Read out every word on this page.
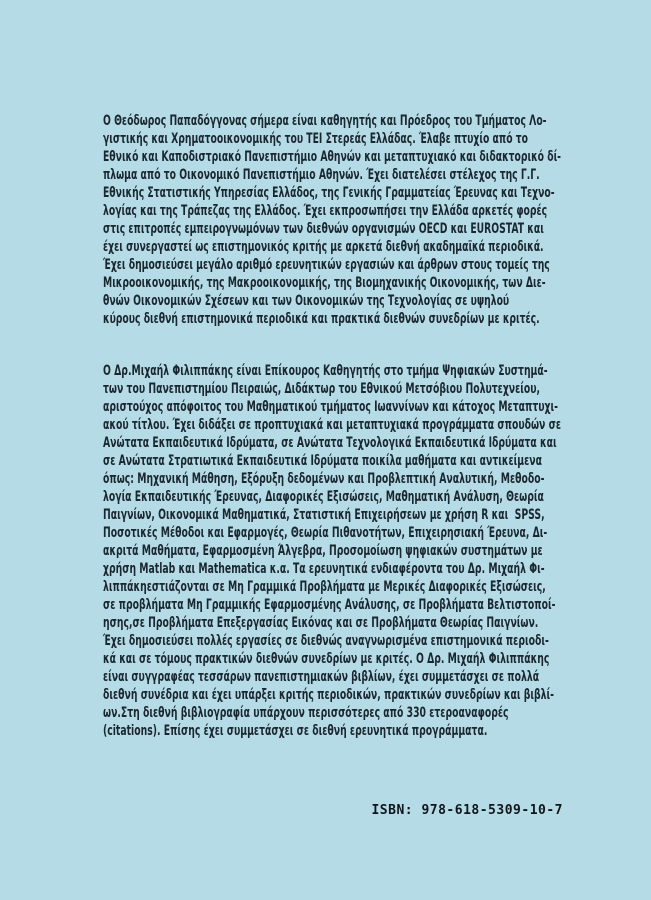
Ο Θεόδωρος Παπαδόγγονας σήμερα είναι καθηγητής και Πρόεδρος του Τμήματος Λο-
γιστικής και Χρηματοοικονομικής του ΤΕΙ Στερεάς Ελλάδας. Έλαβε πτυχίο από το
Εθνικό και Καποδιστριακό Πανεπιστήμιο Αθηνών και μεταπτυχιακό και διδακτορικό δί-
πλωμα από το Οικονομικό Πανεπιστήμιο Αθηνών. Έχει διατελέσει στέλεχος της Γ.Γ.
Εθνικής Στατιστικής Υπηρεσίας Ελλάδος, της Γενικής Γραμματείας Έρευνας και Τεχνο-
λογίας και της Τράπεζας της Ελλάδος. Έχει εκπροσωπήσει την Ελλάδα αρκετές φορές
στις επιτροπές εμπειρογνωμόνων των διεθνών οργανισμών OECD και EUROSTAT και
έχει συνεργαστεί ως επιστημονικός κριτής με αρκετά διεθνή ακαδημαϊκά περιοδικά.
Έχει δημοσιεύσει μεγάλο αριθμό ερευνητικών εργασιών και άρθρων στους τομείς της
Μικροοικονομικής, της Μακροοικονομικής, της Βιομηχανικής Οικονομικής, των Διε-
θνών Οικονομικών Σχέσεων και των Οικονομικών της Τεχνολογίας σε υψηλού
κύρους διεθνή επιστημονικά περιοδικά και πρακτικά διεθνών συνεδρίων με κριτές.
Ο Δρ.Μιχαήλ Φιλιππάκης είναι Επίκουρος Καθηγητής στο τμήμα Ψηφιακών Συστημά-
των του Πανεπιστημίου Πειραιώς, Διδάκτωρ του Εθνικού Μετσόβιου Πολυτεχνείου,
αριστούχος απόφοιτος του Μαθηματικού τμήματος Ιωαννίνων και κάτοχος Μεταπτυχι-
ακού τίτλου. Έχει διδάξει σε προπτυχιακά και μεταπτυχιακά προγράμματα σπουδών σε
Ανώτατα Εκπαιδευτικά Ιδρύματα, σε Ανώτατα Τεχνολογικά Εκπαιδευτικά Ιδρύματα και
σε Ανώτατα Στρατιωτικά Εκπαιδευτικά Ιδρύματα ποικίλα μαθήματα και αντικείμενα
όπως: Μηχανική Μάθηση, Εξόρυξη δεδομένων και Προβλεπτική Αναλυτική, Μεθοδο-
λογία Εκπαιδευτικής Έρευνας, Διαφορικές Εξισώσεις, Μαθηματική Ανάλυση, Θεωρία
Παιγνίων, Οικονομικά Μαθηματικά, Στατιστική Επιχειρήσεων με χρήση R και  SPSS,
Ποσοτικές Μέθοδοι και Εφαρμογές, Θεωρία Πιθανοτήτων, Επιχειρησιακή Έρευνα, Δι-
ακριτά Μαθήματα, Εφαρμοσμένη Άλγεβρα, Προσομοίωση ψηφιακών συστημάτων με
χρήση Matlab και Mathematica κ.α. Τα ερευνητικά ενδιαφέροντα του Δρ. Μιχαήλ Φι-
λιππάκηεστιάζονται σε Μη Γραμμικά Προβλήματα με Μερικές Διαφορικές Εξισώσεις,
σε προβλήματα Μη Γραμμικής Εφαρμοσμένης Ανάλυσης, σε Προβλήματα Βελτιστοποί-
ησης,σε Προβλήματα Επεξεργασίας Εικόνας και σε Προβλήματα Θεωρίας Παιγνίων.
Έχει δημοσιεύσει πολλές εργασίες σε διεθνώς αναγνωρισμένα επιστημονικά περιοδι-
κά και σε τόμους πρακτικών διεθνών συνεδρίων με κριτές. Ο Δρ. Μιχαήλ Φιλιππάκης
είναι συγγραφέας τεσσάρων πανεπιστημιακών βιβλίων, έχει συμμετάσχει σε πολλά
διεθνή συνέδρια και έχει υπάρξει κριτής περιοδικών, πρακτικών συνεδρίων και βιβλί-
ων.Στη διεθνή βιβλιογραφία υπάρχουν περισσότερες από 330 ετεροαναφορές
(citations). Επίσης έχει συμμετάσχει σε διεθνή ερευνητικά προγράμματα.
ISBN: 978-618-5309-10-7
